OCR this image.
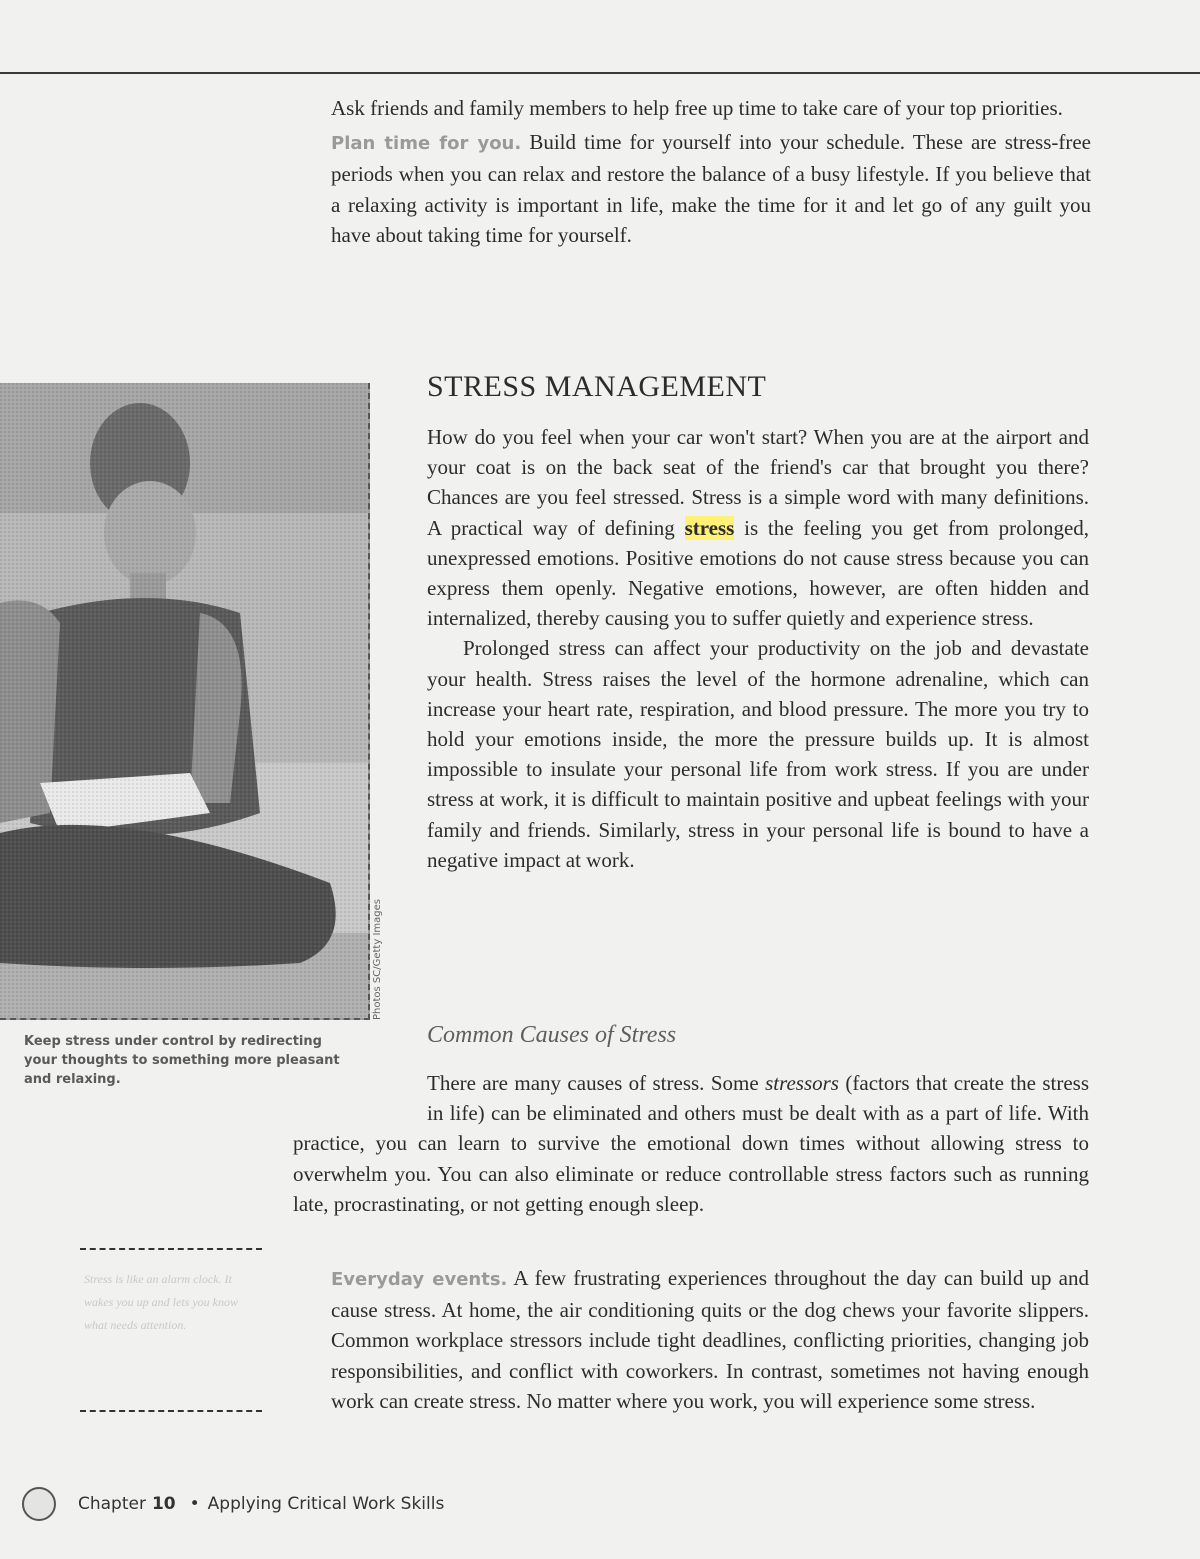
Ask friends and family members to help free up time to take care of your top priorities.

Plan time for you. Build time for yourself into your schedule. These are stress-free periods when you can relax and restore the balance of a busy lifestyle. If you believe that a relaxing activity is important in life, make the time for it and let go of any guilt you have about taking time for yourself.

Photos SC/Getty Images
Keep stress under control by redirecting your thoughts to something more pleasant and relaxing.
STRESS MANAGEMENT

How do you feel when your car won't start? When you are at the airport and your coat is on the back seat of the friend's car that brought you there? Chances are you feel stressed. Stress is a simple word with many definitions. A practical way of defining stress is the feeling you get from prolonged, unexpressed emotions. Positive emotions do not cause stress because you can express them openly. Negative emotions, however, are often hidden and internalized, thereby causing you to suffer quietly and experience stress.

Prolonged stress can affect your productivity on the job and devastate your health. Stress raises the level of the hormone adrenaline, which can increase your heart rate, respiration, and blood pressure. The more you try to hold your emotions inside, the more the pressure builds up. It is almost impossible to insulate your personal life from work stress. If you are under stress at work, it is difficult to maintain positive and upbeat feelings with your family and friends. Similarly, stress in your personal life is bound to have a negative impact at work.

Common Causes of Stress

There are many causes of stress. Some stressors (factors that create the stress in life) can be eliminated and others must be dealt with as a part of life. With practice, you can learn to survive the emotional down times without allowing stress to overwhelm you. You can also eliminate or reduce controllable stress factors such as running late, procrastinating, or not getting enough sleep.

Stress is like an alarm clock. It wakes you up and lets you know what needs attention.

Everyday events. A few frustrating experiences throughout the day can build up and cause stress. At home, the air conditioning quits or the dog chews your favorite slippers. Common workplace stressors include tight deadlines, conflicting priorities, changing job responsibilities, and conflict with coworkers. In contrast, sometimes not having enough work can create stress. No matter where you work, you will experience some stress.

Chapter 10 • Applying Critical Work Skills
